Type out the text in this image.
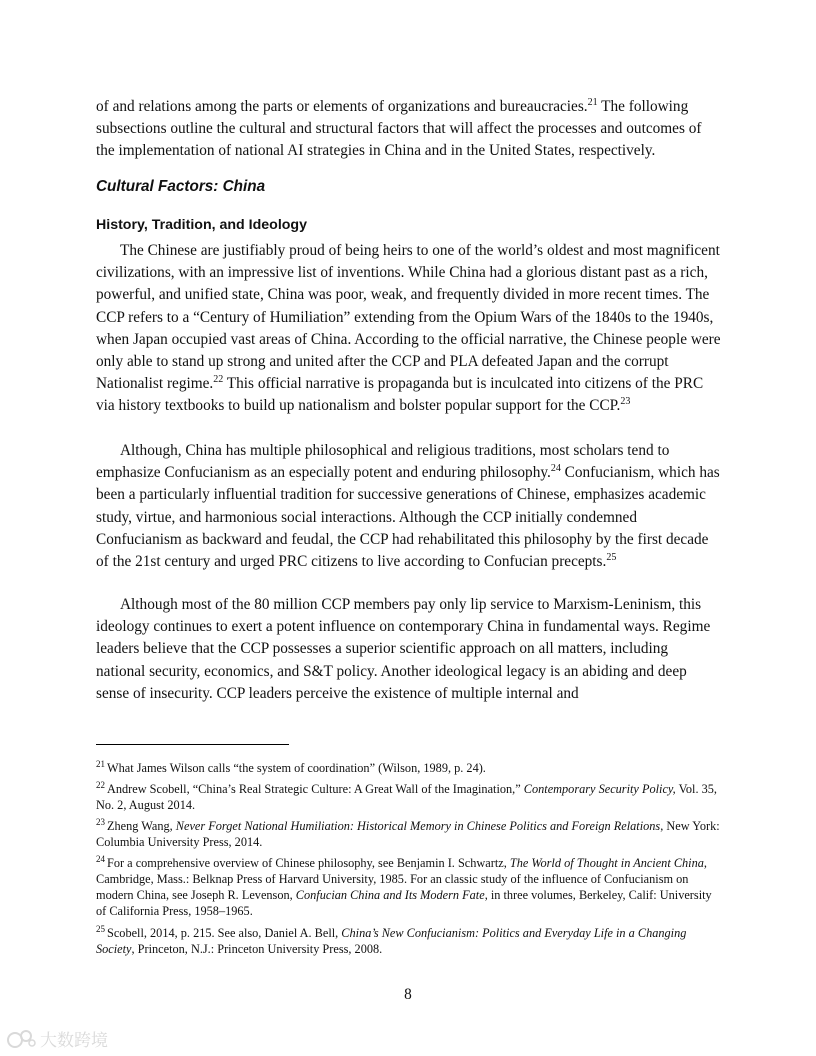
of and relations among the parts or elements of organizations and bureaucracies.$^{21}$ The following subsections outline the cultural and structural factors that will affect the processes and outcomes of the implementation of national AI strategies in China and in the United States, respectively.

Cultural Factors: China
History, Tradition, and Ideology

The Chinese are justifiably proud of being heirs to one of the world’s oldest and most magnificent civilizations, with an impressive list of inventions. While China had a glorious distant past as a rich, powerful, and unified state, China was poor, weak, and frequently divided in more recent times. The CCP refers to a “Century of Humiliation” extending from the Opium Wars of the 1840s to the 1940s, when Japan occupied vast areas of China. According to the official narrative, the Chinese people were only able to stand up strong and united after the CCP and PLA defeated Japan and the corrupt Nationalist regime.$^{22}$ This official narrative is propaganda but is inculcated into citizens of the PRC via history textbooks to build up nationalism and bolster popular support for the CCP.$^{23}$

Although, China has multiple philosophical and religious traditions, most scholars tend to emphasize Confucianism as an especially potent and enduring philosophy.$^{24}$ Confucianism, which has been a particularly influential tradition for successive generations of Chinese, emphasizes academic study, virtue, and harmonious social interactions. Although the CCP initially condemned Confucianism as backward and feudal, the CCP had rehabilitated this philosophy by the first decade of the 21st century and urged PRC citizens to live according to Confucian precepts.$^{25}$

Although most of the 80 million CCP members pay only lip service to Marxism-Leninism, this ideology continues to exert a potent influence on contemporary China in fundamental ways. Regime leaders believe that the CCP possesses a superior scientific approach on all matters, including national security, economics, and S&T policy. Another ideological legacy is an abiding and deep sense of insecurity. CCP leaders perceive the existence of multiple internal and

$^{21}$ What James Wilson calls “the system of coordination” (Wilson, 1989, p. 24).

$^{22}$ Andrew Scobell, “China’s Real Strategic Culture: A Great Wall of the Imagination,” Contemporary Security Policy, Vol. 35, No. 2, August 2014.

$^{23}$ Zheng Wang, Never Forget National Humiliation: Historical Memory in Chinese Politics and Foreign Relations, New York: Columbia University Press, 2014.

$^{24}$ For a comprehensive overview of Chinese philosophy, see Benjamin I. Schwartz, The World of Thought in Ancient China, Cambridge, Mass.: Belknap Press of Harvard University, 1985. For an classic study of the influence of Confucianism on modern China, see Joseph R. Levenson, Confucian China and Its Modern Fate, in three volumes, Berkeley, Calif: University of California Press, 1958–1965.

$^{25}$ Scobell, 2014, p. 215. See also, Daniel A. Bell, China’s New Confucianism: Politics and Everyday Life in a Changing Society, Princeton, N.J.: Princeton University Press, 2008.

8

大数跨境
